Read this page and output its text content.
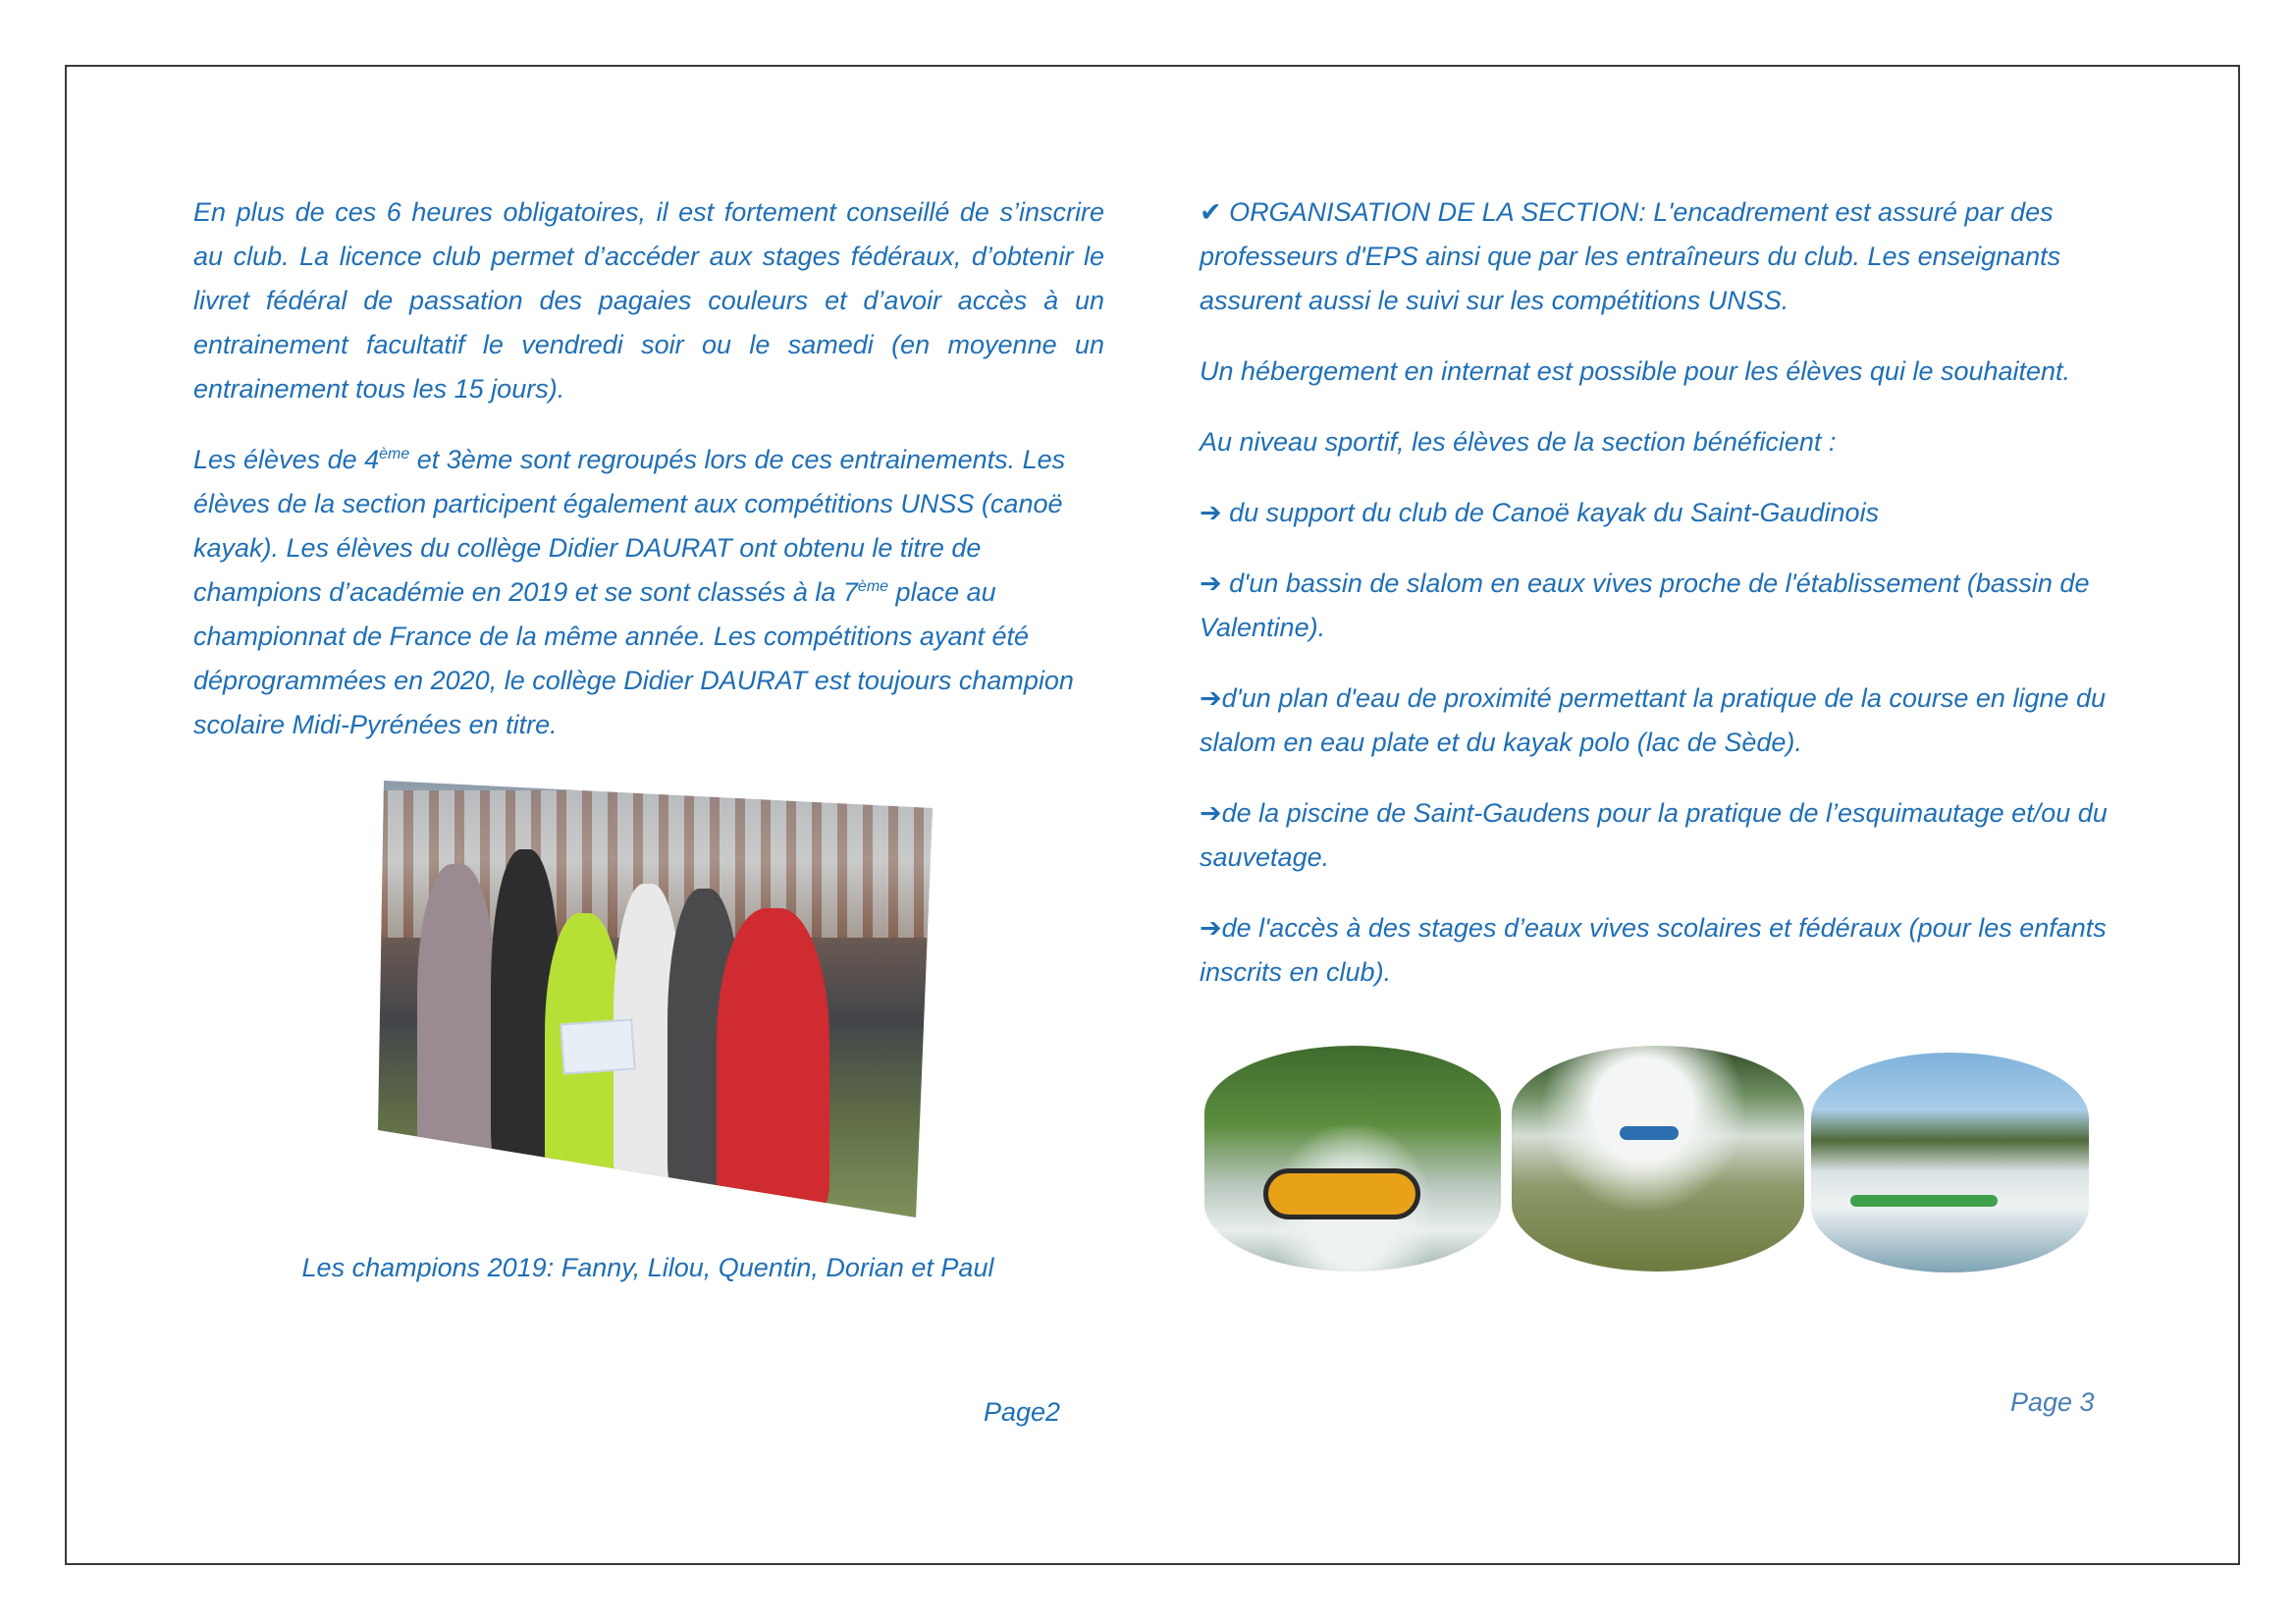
En plus de ces 6 heures obligatoires, il est fortement conseillé de s’inscrire au club. La licence club permet d’accéder aux stages fédéraux, d’obtenir le livret fédéral de passation des pagaies couleurs et d’avoir accès à un entrainement facultatif le vendredi soir ou le samedi (en moyenne un entrainement tous les 15 jours).

Les élèves de 4ème et 3ème sont regroupés lors de ces entrainements. Les élèves de la section participent également aux compétitions UNSS (canoë kayak). Les élèves du collège Didier DAURAT ont obtenu le titre de champions d’académie en 2019 et se sont classés à la 7ème place au championnat de France de la même année. Les compétitions ayant été déprogrammées en 2020, le collège Didier DAURAT est toujours champion scolaire Midi-Pyrénées en titre.

Les champions 2019: Fanny, Lilou, Quentin, Dorian et Paul
Page2

✔ ORGANISATION DE LA SECTION: L'encadrement est assuré par des professeurs d'EPS ainsi que par les entraîneurs du club. Les enseignants assurent aussi le suivi sur les compétitions UNSS.

Un hébergement en internat est possible pour les élèves qui le souhaitent.

Au niveau sportif, les élèves de la section bénéficient :

➔ du support du club de Canoë kayak du Saint-Gaudinois

➔ d'un bassin de slalom en eaux vives proche de l'établissement (bassin de Valentine).

➔d'un plan d'eau de proximité permettant la pratique de la course en ligne du slalom en eau plate et du kayak polo (lac de Sède).

➔de la piscine de Saint-Gaudens pour la pratique de l’esquimautage et/ou du sauvetage.

➔de l'accès à des stages d’eaux vives scolaires et fédéraux (pour les enfants inscrits en club).

Page 3
